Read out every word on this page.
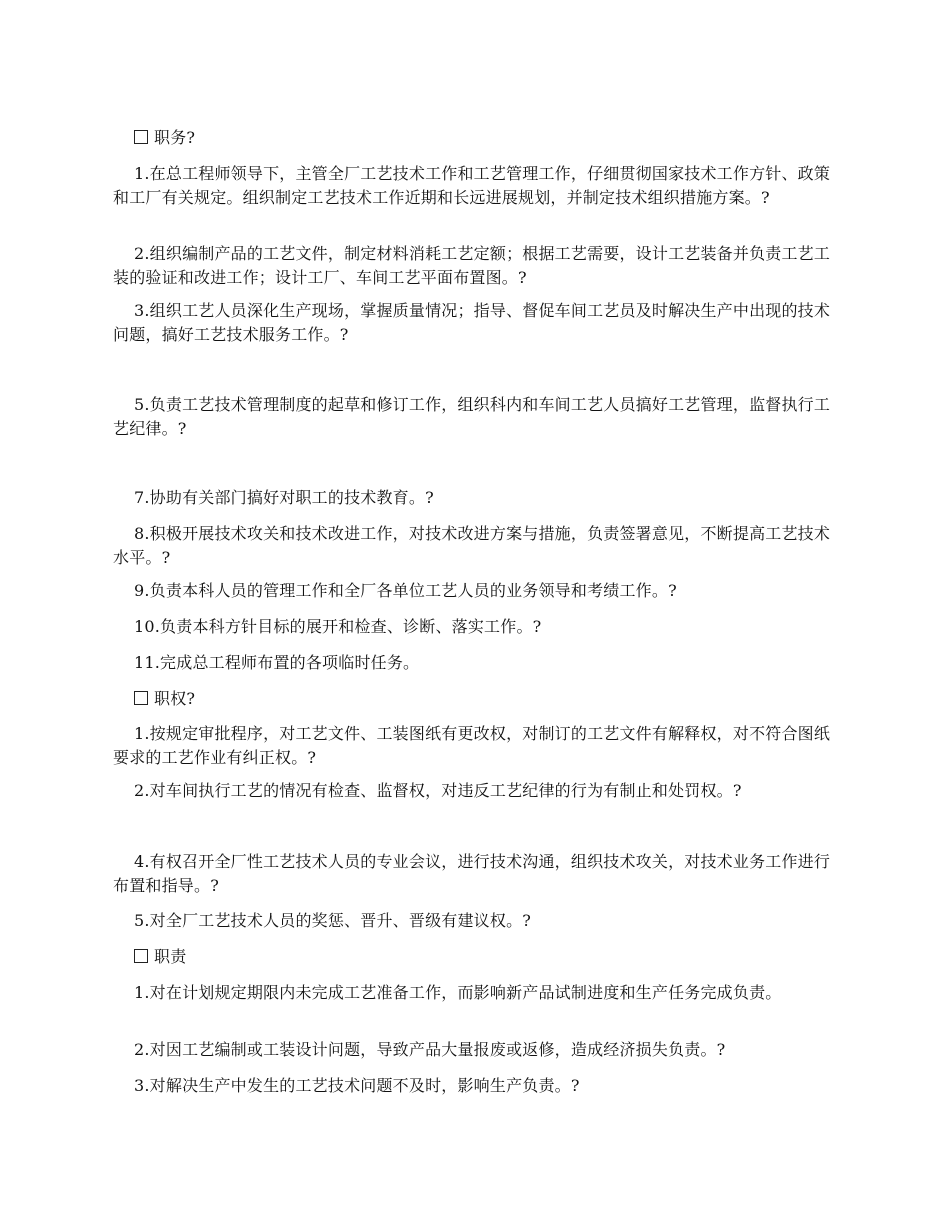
职务?

1.在总工程师领导下，主管全厂工艺技术工作和工艺管理工作，仔细贯彻国家技术工作方针、政策和工厂有关规定。组织制定工艺技术工作近期和长远进展规划，并制定技术组织措施方案。?

2.组织编制产品的工艺文件，制定材料消耗工艺定额；根据工艺需要，设计工艺装备并负责工艺工装的验证和改进工作；设计工厂、车间工艺平面布置图。?

3.组织工艺人员深化生产现场，掌握质量情况；指导、督促车间工艺员及时解决生产中出现的技术问题，搞好工艺技术服务工作。?

5.负责工艺技术管理制度的起草和修订工作，组织科内和车间工艺人员搞好工艺管理，监督执行工艺纪律。?

7.协助有关部门搞好对职工的技术教育。?

8.积极开展技术攻关和技术改进工作，对技术改进方案与措施，负责签署意见，不断提高工艺技术水平。?

9.负责本科人员的管理工作和全厂各单位工艺人员的业务领导和考绩工作。?

10.负责本科方针目标的展开和检查、诊断、落实工作。?

11.完成总工程师布置的各项临时任务。

职权?

1.按规定审批程序，对工艺文件、工装图纸有更改权，对制订的工艺文件有解释权，对不符合图纸要求的工艺作业有纠正权。?

2.对车间执行工艺的情况有检查、监督权，对违反工艺纪律的行为有制止和处罚权。?

4.有权召开全厂性工艺技术人员的专业会议，进行技术沟通，组织技术攻关，对技术业务工作进行布置和指导。?

5.对全厂工艺技术人员的奖惩、晋升、晋级有建议权。?

职责

1.对在计划规定期限内未完成工艺准备工作，而影响新产品试制进度和生产任务完成负责。

2.对因工艺编制或工装设计问题，导致产品大量报废或返修，造成经济损失负责。?

3.对解决生产中发生的工艺技术问题不及时，影响生产负责。?
